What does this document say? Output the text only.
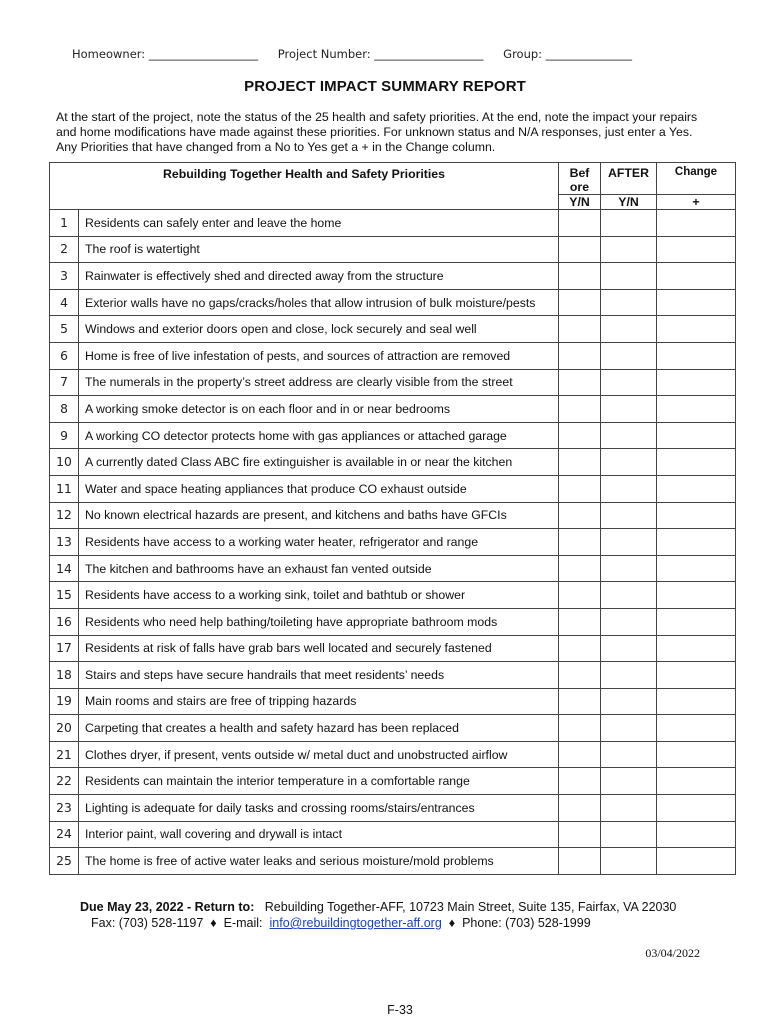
Homeowner: ___________________ Project Number: ___________________ Group: _______________
PROJECT IMPACT SUMMARY REPORT
At the start of the project, note the status of the 25 health and safety priorities. At the end, note the impact your repairs and home modifications have made against these priorities. For unknown status and N/A responses, just enter a Yes. Any Priorities that have changed from a No to Yes get a + in the Change column.
Rebuilding Together Health and Safety Priorities		Bef
ore	AFTER	Change
		Y/N	Y/N	+
1	Residents can safely enter and leave the home			
2	The roof is watertight			
3	Rainwater is effectively shed and directed away from the structure			
4	Exterior walls have no gaps/cracks/holes that allow intrusion of bulk moisture/pests			
5	Windows and exterior doors open and close, lock securely and seal well			
6	Home is free of live infestation of pests, and sources of attraction are removed			
7	The numerals in the property’s street address are clearly visible from the street			
8	A working smoke detector is on each floor and in or near bedrooms			
9	A working CO detector protects home with gas appliances or attached garage			
10	A currently dated Class ABC fire extinguisher is available in or near the kitchen			
11	Water and space heating appliances that produce CO exhaust outside			
12	No known electrical hazards are present, and kitchens and baths have GFCIs			
13	Residents have access to a working water heater, refrigerator and range			
14	The kitchen and bathrooms have an exhaust fan vented outside			
15	Residents have access to a working sink, toilet and bathtub or shower			
16	Residents who need help bathing/toileting have appropriate bathroom mods			
17	Residents at risk of falls have grab bars well located and securely fastened			
18	Stairs and steps have secure handrails that meet residents’ needs			
19	Main rooms and stairs are free of tripping hazards			
20	Carpeting that creates a health and safety hazard has been replaced			
21	Clothes dryer, if present, vents outside w/ metal duct and unobstructed airflow			
22	Residents can maintain the interior temperature in a comfortable range			
23	Lighting is adequate for daily tasks and crossing rooms/stairs/entrances			
24	Interior paint, wall covering and drywall is intact			
25	The home is free of active water leaks and serious moisture/mold problems			
Due May 23, 2022 - Return to: Rebuilding Together-AFF, 10723 Main Street, Suite 135, Fairfax, VA 22030
Fax: (703) 528-1197 ♦ E-mail: info@rebuildingtogether-aff.org ♦ Phone: (703) 528-1999
03/04/2022
F-33
